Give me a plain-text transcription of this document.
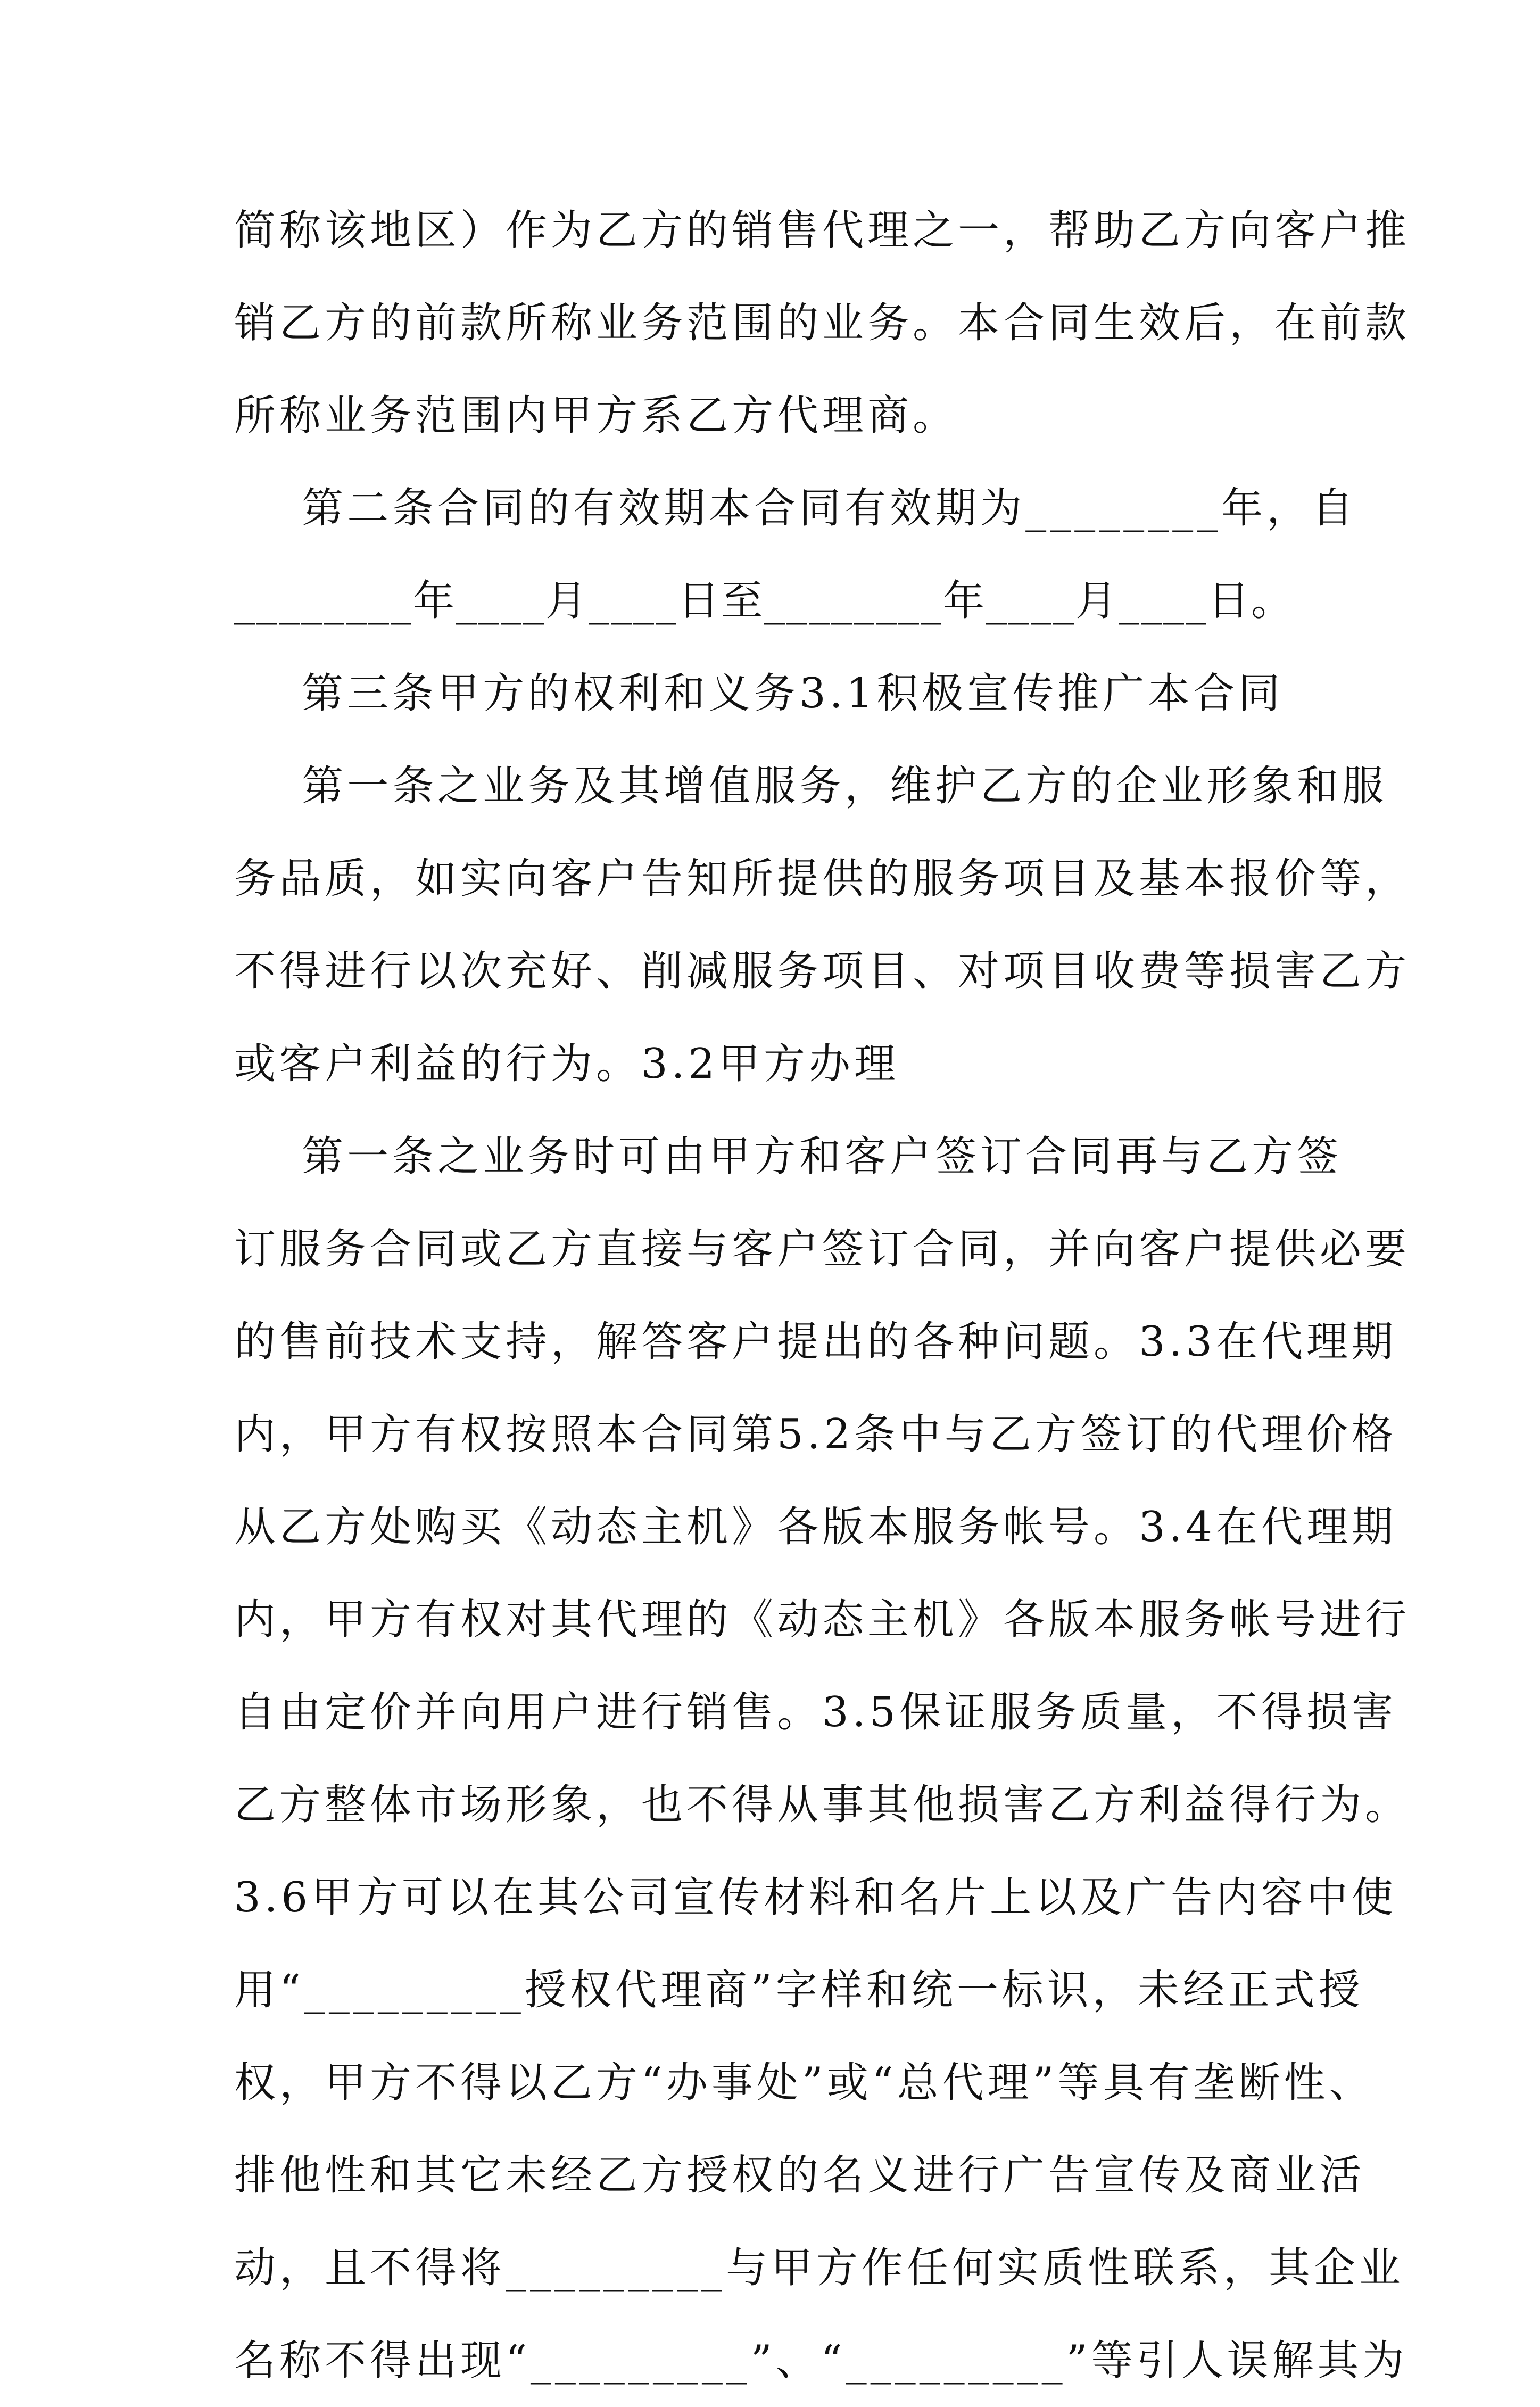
简称该地区）作为乙方的销售代理之一，帮助乙方向客户推
销乙方的前款所称业务范围的业务。本合同生效后，在前款
所称业务范围内甲方系乙方代理商。
第二条合同的有效期本合同有效期为________年，自
________年____月____日至________年____月____日。
第三条甲方的权利和义务3.1积极宣传推广本合同
第一条之业务及其增值服务，维护乙方的企业形象和服
务品质，如实向客户告知所提供的服务项目及基本报价等，
不得进行以次充好、削减服务项目、对项目收费等损害乙方
或客户利益的行为。3.2甲方办理
第一条之业务时可由甲方和客户签订合同再与乙方签
订服务合同或乙方直接与客户签订合同，并向客户提供必要
的售前技术支持，解答客户提出的各种问题。3.3在代理期
内，甲方有权按照本合同第5.2条中与乙方签订的代理价格
从乙方处购买《动态主机》各版本服务帐号。3.4在代理期
内，甲方有权对其代理的《动态主机》各版本服务帐号进行
自由定价并向用户进行销售。3.5保证服务质量，不得损害
乙方整体市场形象，也不得从事其他损害乙方利益得行为。
3.6甲方可以在其公司宣传材料和名片上以及广告内容中使
用“_________授权代理商”字样和统一标识，未经正式授
权，甲方不得以乙方“办事处”或“总代理”等具有垄断性、
排他性和其它未经乙方授权的名义进行广告宣传及商业活
动，且不得将_________与甲方作任何实质性联系，其企业
名称不得出现“_________”、“_________”等引人误解其为
